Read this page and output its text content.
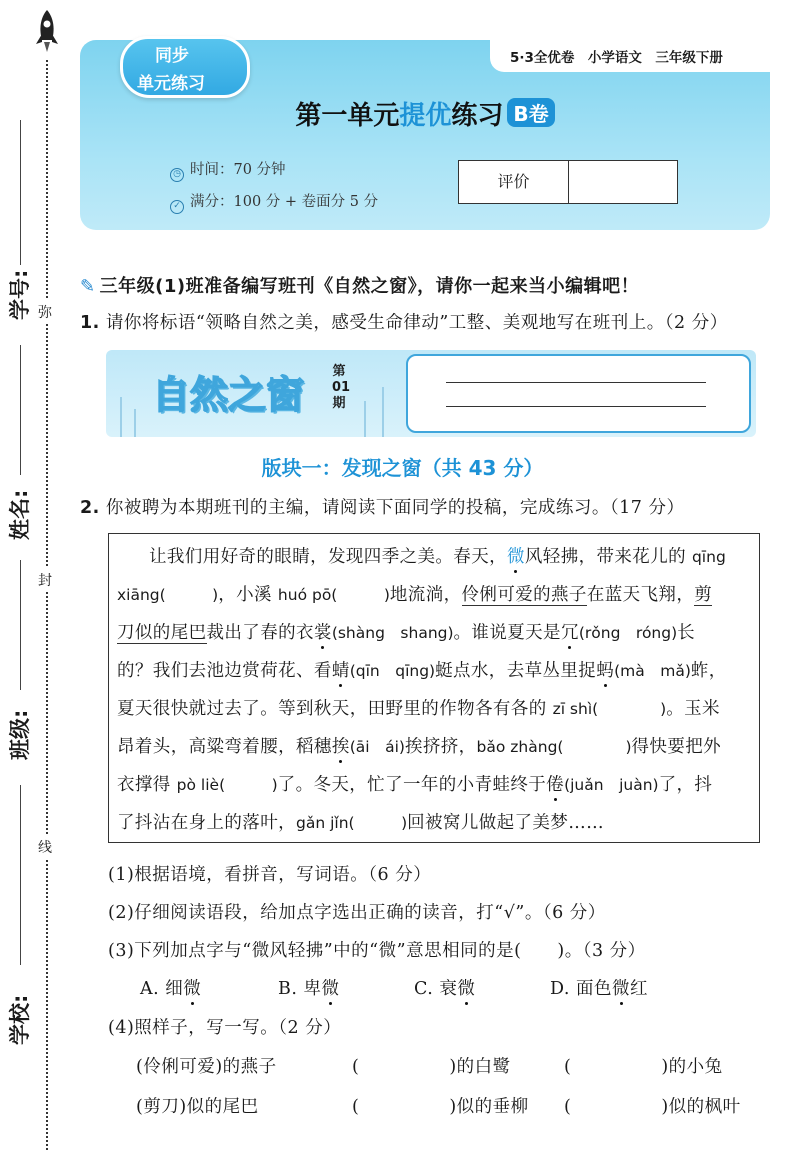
学号:
姓名:
班级:
学校:
弥
封
线
5·3全优卷　小学语文　三年级下册
同步
单元练习
第一单元提优练习 B卷
◷ 时间：70 分钟
✓ 满分：100 分 + 卷面分 5 分
评价
✎ 三年级(1)班准备编写班刊《自然之窗》，请你一起来当小编辑吧！
1. 请你将标语“领略自然之美，感受生命律动”工整、美观地写在班刊上。（2 分）
自然之窗
第
01
期
版块一：发现之窗（共 43 分）
2. 你被聘为本期班刊的主编，请阅读下面同学的投稿，完成练习。（17 分）
让我们用好奇的眼睛，发现四季之美。春天，微风轻拂，带来花儿的 qīng
xiāng(　　　)，小溪 huó pō(　　　)地流淌，伶俐可爱的燕子在蓝天飞翔，剪
刀似的尾巴裁出了春的衣裳(shàng　shang)。谁说夏天是冗(rǒng　róng)长
的？我们去池边赏荷花、看蜻(qīn　qīng)蜓点水，去草丛里捉蚂(mà　mǎ)蚱，
夏天很快就过去了。等到秋天，田野里的作物各有各的 zī shì(　　　　)。玉米
昂着头，高粱弯着腰，稻穗挨(āi　ái)挨挤挤，bǎo zhàng(　　　　)得快要把外
衣撑得 pò liè(　　　)了。冬天，忙了一年的小青蛙终于倦(juǎn　juàn)了，抖
了抖沾在身上的落叶，gǎn jǐn(　　　)回被窝儿做起了美梦……
(1)根据语境，看拼音，写词语。（6 分）
(2)仔细阅读语段，给加点字选出正确的读音，打“√”。（6 分）
(3)下列加点字与“微风轻拂”中的“微”意思相同的是(　　)。（3 分）
A. 细微	B. 卑微	C. 衰微	D. 面色微红
(4)照样子，写一写。（2 分）
(伶俐可爱)的燕子	(　　　　　)的白鹭	(　　　　　)的小兔
(剪刀)似的尾巴	(　　　　　)似的垂柳 (　　　　　)似的枫叶
